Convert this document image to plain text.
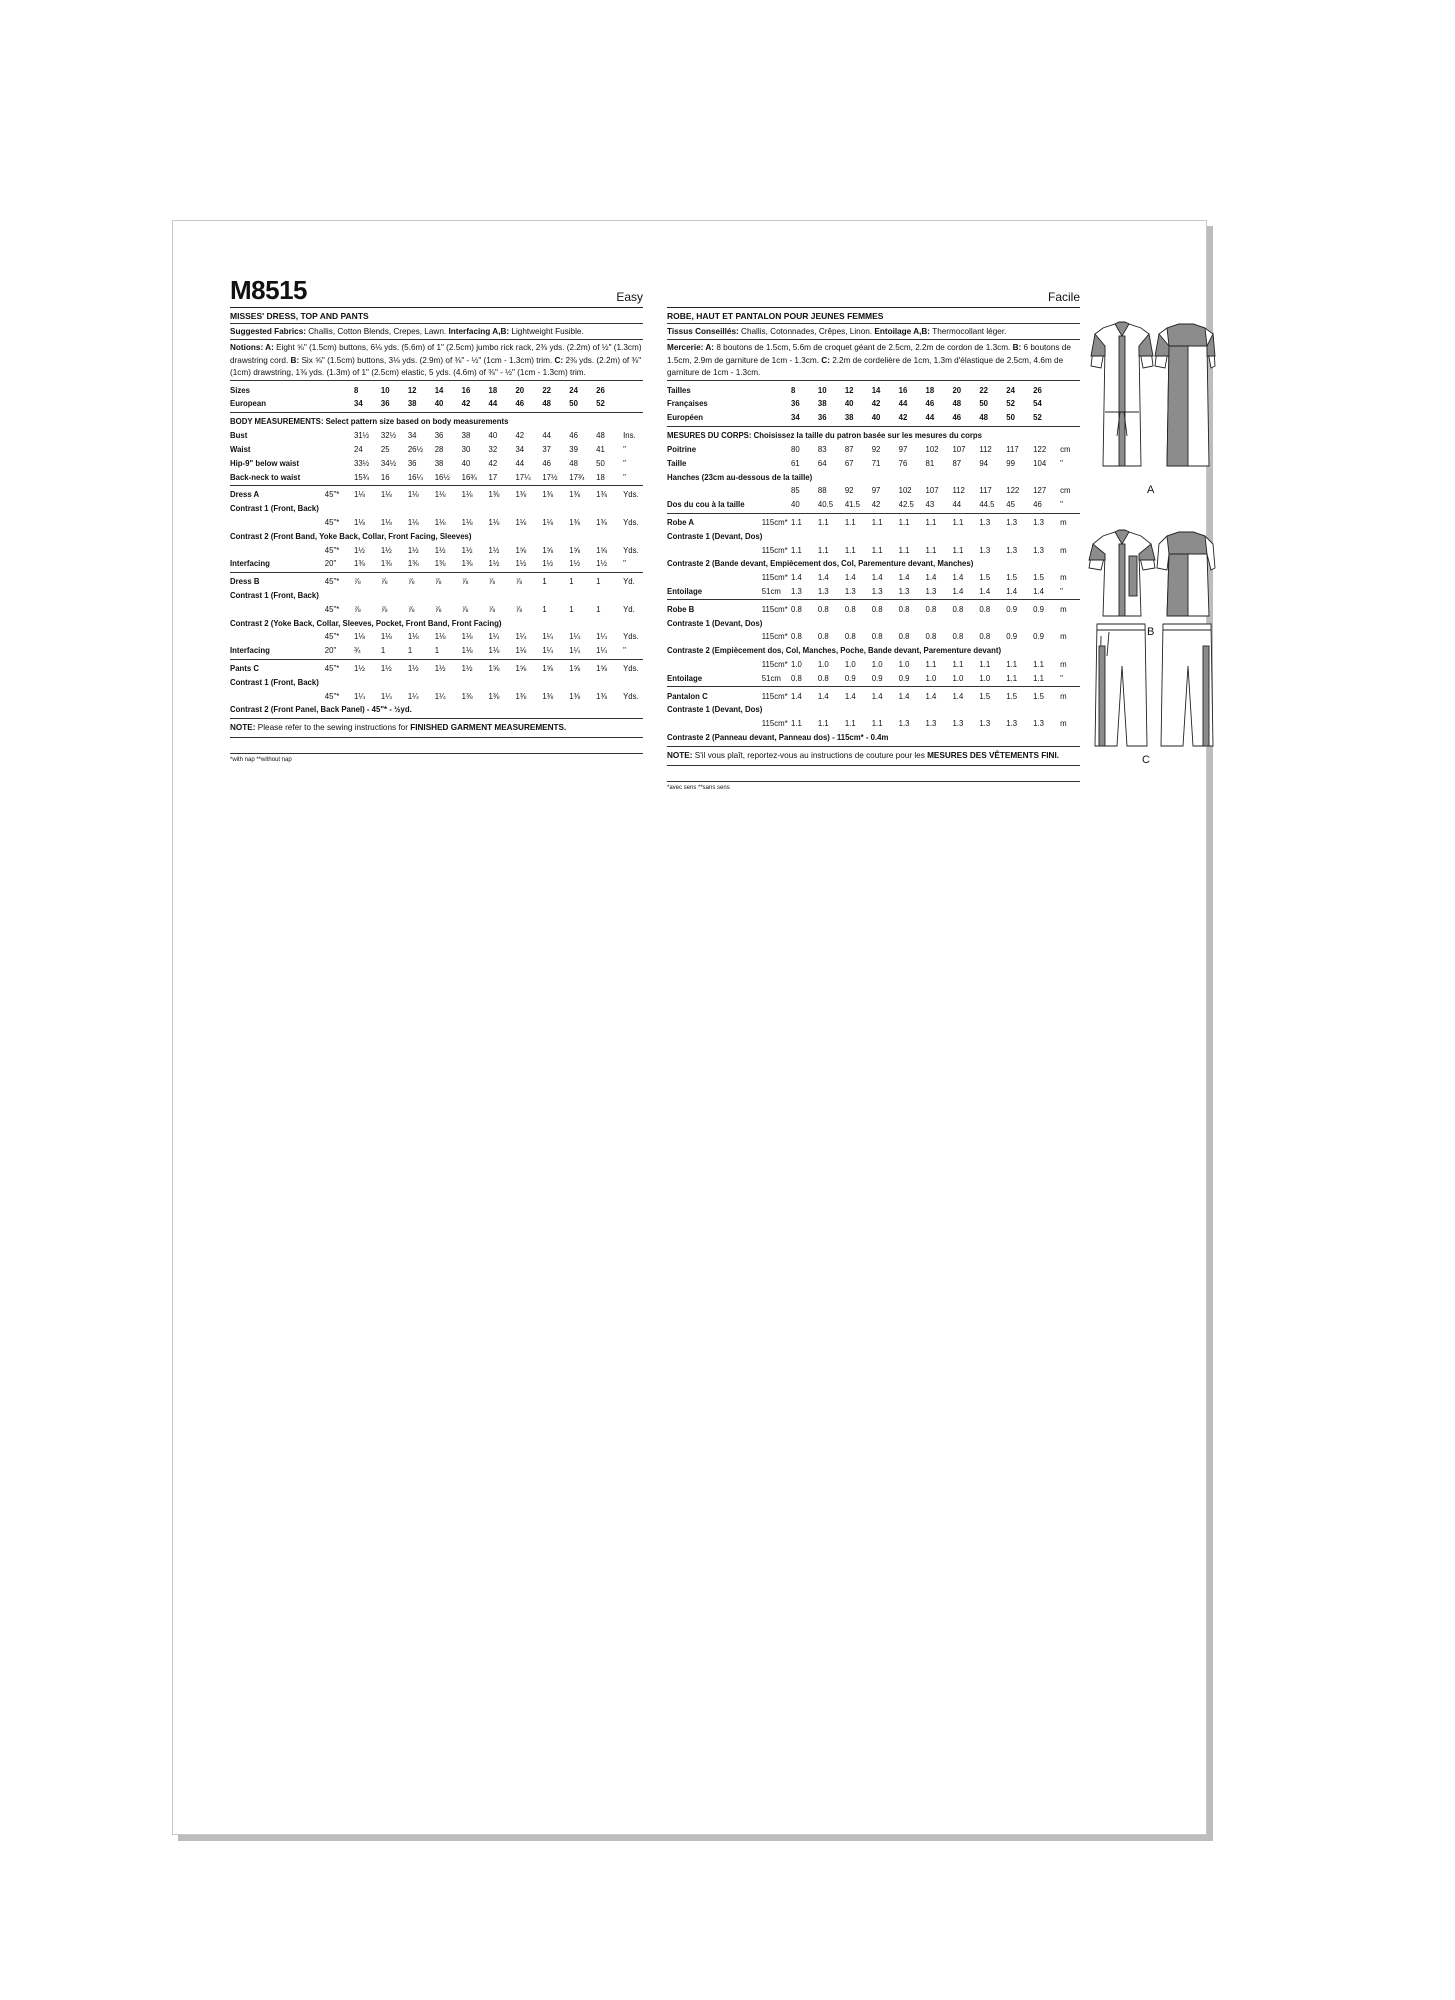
M8515	Easy
MISSES' DRESS, TOP AND PANTS
Suggested Fabrics: Challis, Cotton Blends, Crepes, Lawn. Interfacing A,B: Lightweight Fusible.
Notions: A: Eight ⅝" (1.5cm) buttons, 6⅛ yds. (5.6m) of 1" (2.5cm) jumbo rick rack, 2⅜ yds. (2.2m) of ½" (1.3cm) drawstring cord. B: Six ⅝" (1.5cm) buttons, 3⅛ yds. (2.9m) of ⅜" - ½" (1cm - 1.3cm) trim. C: 2⅜ yds. (2.2m) of ⅜" (1cm) drawstring, 1⅜ yds. (1.3m) of 1" (2.5cm) elastic, 5 yds. (4.6m) of ⅜" - ½" (1cm - 1.3cm) trim.
Sizes		8	10	12	14	16	18	20	22	24	26	
European		34	36	38	40	42	44	46	48	50	52	
BODY MEASUREMENTS: Select pattern size based on body measurements
Bust		31½	32½	34	36	38	40	42	44	46	48	Ins.
Waist		24	25	26½	28	30	32	34	37	39	41	"
Hip-9" below waist		33½	34½	36	38	40	42	44	46	48	50	"
Back-neck to waist		15¾	16	16¼	16½	16¾	17	17¼	17½	17¾	18	"
Dress A	45"*	1⅛	1⅛	1⅛	1⅛	1⅛	1⅜	1⅜	1⅜	1⅜	1⅜	Yds.
Contrast 1 (Front, Back)												
	45"*	1⅛	1⅛	1⅛	1⅛	1⅛	1⅛	1⅛	1⅛	1⅜	1⅜	Yds.
Contrast 2 (Front Band, Yoke Back, Collar, Front Facing, Sleeves)												
	45"*	1½	1½	1½	1½	1½	1½	1⅝	1⅝	1⅝	1⅝	Yds.
Interfacing	20"	1⅜	1⅜	1⅜	1⅜	1⅜	1½	1½	1½	1½	1½	"
Dress B	45"*	⅞	⅞	⅞	⅞	⅞	⅞	⅞	1	1	1	Yd.
Contrast 1 (Front, Back)												
	45"*	⅞	⅞	⅞	⅞	⅞	⅞	⅞	1	1	1	Yd.
Contrast 2 (Yoke Back, Collar, Sleeves, Pocket, Front Band, Front Facing)												
	45"*	1⅛	1⅛	1⅛	1⅛	1⅛	1¼	1¼	1¼	1¼	1¼	Yds.
Interfacing	20"	¾	1	1	1	1⅛	1⅛	1⅛	1¼	1¼	1¼	"
Pants C	45"*	1½	1½	1½	1½	1½	1⅝	1⅝	1⅝	1⅝	1⅝	Yds.
Contrast 1 (Front, Back)												
	45"*	1¼	1¼	1¼	1¼	1⅜	1⅜	1⅜	1⅜	1⅜	1⅜	Yds.
Contrast 2 (Front Panel, Back Panel) - 45"* - ½yd.
NOTE: Please refer to the sewing instructions for FINISHED GARMENT MEASUREMENTS.
*with nap **without nap
Facile
ROBE, HAUT ET PANTALON POUR JEUNES FEMMES
Tissus Conseillés: Challis, Cotonnades, Crêpes, Linon. Entoilage A,B: Thermocollant léger.
Mercerie: A: 8 boutons de 1.5cm, 5.6m de croquet géant de 2.5cm, 2.2m de cordon de 1.3cm. B: 6 boutons de 1.5cm, 2.9m de garniture de 1cm - 1.3cm. C: 2.2m de cordelière de 1cm, 1.3m d'élastique de 2.5cm, 4.6m de garniture de 1cm - 1.3cm.
Tailles		8	10	12	14	16	18	20	22	24	26	
Françaises		36	38	40	42	44	46	48	50	52	54	
Européen		34	36	38	40	42	44	46	48	50	52	
MESURES DU CORPS: Choisissez la taille du patron basée sur les mesures du corps
Poitrine		80	83	87	92	97	102	107	112	117	122	cm
Taille		61	64	67	71	76	81	87	94	99	104	"
Hanches (23cm au-dessous de la taille)												
		85	88	92	97	102	107	112	117	122	127	cm
Dos du cou à la taille		40	40.5	41.5	42	42.5	43	44	44.5	45	46	"
Robe A	115cm*	1.1	1.1	1.1	1.1	1.1	1.1	1.1	1.3	1.3	1.3	m
Contraste 1 (Devant, Dos)												
	115cm*	1.1	1.1	1.1	1.1	1.1	1.1	1.1	1.3	1.3	1.3	m
Contraste 2 (Bande devant, Empiècement dos, Col, Parementure devant, Manches)												
	115cm*	1.4	1.4	1.4	1.4	1.4	1.4	1.4	1.5	1.5	1.5	m
Entoilage	51cm	1.3	1.3	1.3	1.3	1.3	1.3	1.4	1.4	1.4	1.4	"
Robe B	115cm*	0.8	0.8	0.8	0.8	0.8	0.8	0.8	0.8	0.9	0.9	m
Contraste 1 (Devant, Dos)												
	115cm*	0.8	0.8	0.8	0.8	0.8	0.8	0.8	0.8	0.9	0.9	m
Contraste 2 (Empiècement dos, Col, Manches, Poche, Bande devant, Parementure devant)												
	115cm*	1.0	1.0	1.0	1.0	1.0	1.1	1.1	1.1	1.1	1.1	m
Entoilage	51cm	0.8	0.8	0.9	0.9	0.9	1.0	1.0	1.0	1.1	1.1	"
Pantalon C	115cm*	1.4	1.4	1.4	1.4	1.4	1.4	1.4	1.5	1.5	1.5	m
Contraste 1 (Devant, Dos)												
	115cm*	1.1	1.1	1.1	1.1	1.3	1.3	1.3	1.3	1.3	1.3	m
Contraste 2 (Panneau devant, Panneau dos) - 115cm* - 0.4m
NOTE: S'il vous plaît, reportez-vous au instructions de couture pour les MESURES DES VÊTEMENTS FINI.
*avec sens **sans sens
A
B
C
